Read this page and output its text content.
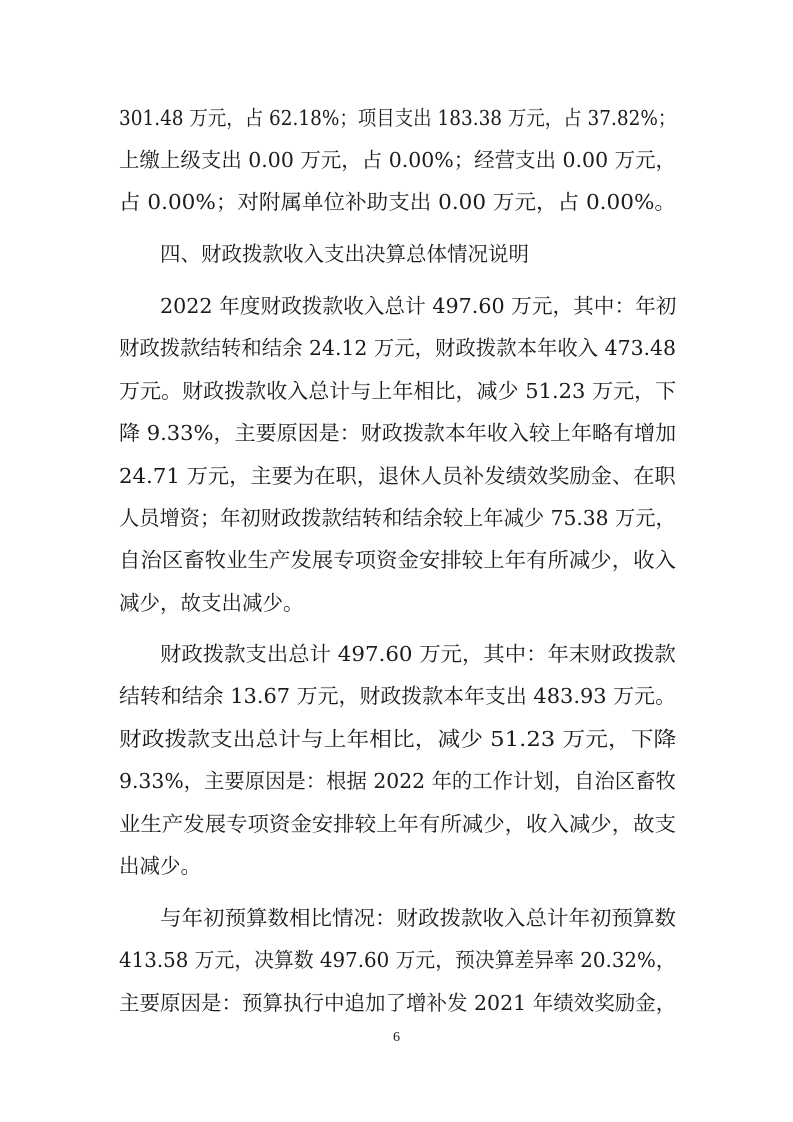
301.48 万元，占 62.18%；项目支出 183.38 万元，占 37.82%；
上缴上级支出 0.00 万元，占 0.00%；经营支出 0.00 万元，
占 0.00%；对附属单位补助支出 0.00 万元，占 0.00%。
四、财政拨款收入支出决算总体情况说明
2022 年度财政拨款收入总计 497.60 万元，其中：年初
财政拨款结转和结余 24.12 万元，财政拨款本年收入 473.48
万元。财政拨款收入总计与上年相比，减少 51.23 万元，下
降 9.33%，主要原因是：财政拨款本年收入较上年略有增加
24.71 万元，主要为在职，退休人员补发绩效奖励金、在职
人员增资；年初财政拨款结转和结余较上年减少 75.38 万元，
自治区畜牧业生产发展专项资金安排较上年有所减少，收入
减少，故支出减少。
财政拨款支出总计 497.60 万元，其中：年末财政拨款
结转和结余 13.67 万元，财政拨款本年支出 483.93 万元。
财政拨款支出总计与上年相比，减少 51.23 万元，下降
9.33%，主要原因是：根据 2022 年的工作计划，自治区畜牧
业生产发展专项资金安排较上年有所减少，收入减少，故支
出减少。
与年初预算数相比情况：财政拨款收入总计年初预算数
413.58 万元，决算数 497.60 万元，预决算差异率 20.32%，
主要原因是：预算执行中追加了增补发 2021 年绩效奖励金，
6
